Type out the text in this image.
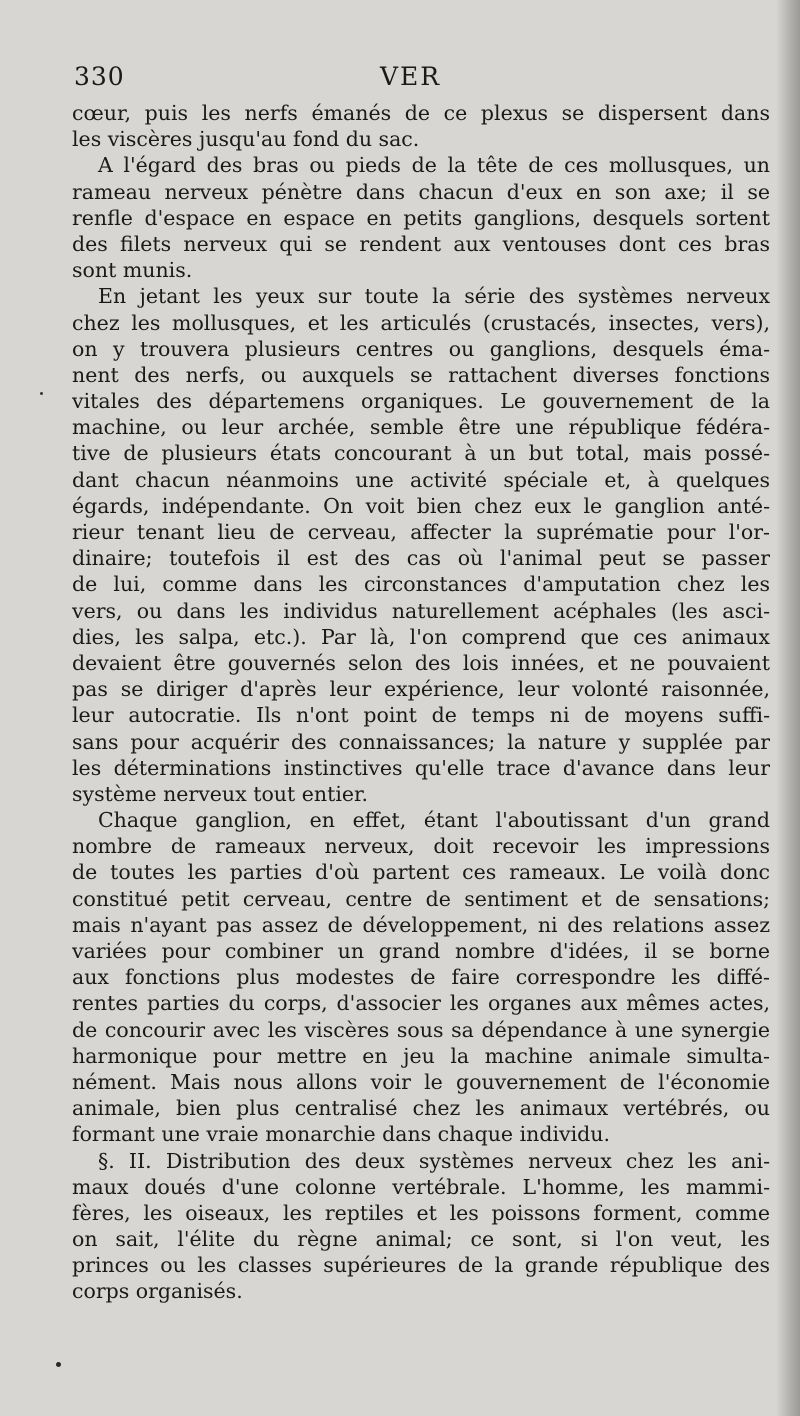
330	VER
cœur, puis les nerfs émanés de ce plexus se dispersent dans
les viscères jusqu'au fond du sac.
A l'égard des bras ou pieds de la tête de ces mollusques, un
rameau nerveux pénètre dans chacun d'eux en son axe; il se
renfle d'espace en espace en petits ganglions, desquels sortent
des filets nerveux qui se rendent aux ventouses dont ces bras
sont munis.
En jetant les yeux sur toute la série des systèmes nerveux
chez les mollusques, et les articulés (crustacés, insectes, vers),
on y trouvera plusieurs centres ou ganglions, desquels éma-
nent des nerfs, ou auxquels se rattachent diverses fonctions
vitales des départemens organiques. Le gouvernement de la
machine, ou leur archée, semble être une république fédéra-
tive de plusieurs états concourant à un but total, mais possé-
dant chacun néanmoins une activité spéciale et, à quelques
égards, indépendante. On voit bien chez eux le ganglion anté-
rieur tenant lieu de cerveau, affecter la suprématie pour l'or-
dinaire; toutefois il est des cas où l'animal peut se passer
de lui, comme dans les circonstances d'amputation chez les
vers, ou dans les individus naturellement acéphales (les asci-
dies, les salpa, etc.). Par là, l'on comprend que ces animaux
devaient être gouvernés selon des lois innées, et ne pouvaient
pas se diriger d'après leur expérience, leur volonté raisonnée,
leur autocratie. Ils n'ont point de temps ni de moyens suffi-
sans pour acquérir des connaissances; la nature y supplée par
les déterminations instinctives qu'elle trace d'avance dans leur
système nerveux tout entier.
Chaque ganglion, en effet, étant l'aboutissant d'un grand
nombre de rameaux nerveux, doit recevoir les impressions
de toutes les parties d'où partent ces rameaux. Le voilà donc
constitué petit cerveau, centre de sentiment et de sensations;
mais n'ayant pas assez de développement, ni des relations assez
variées pour combiner un grand nombre d'idées, il se borne
aux fonctions plus modestes de faire correspondre les diffé-
rentes parties du corps, d'associer les organes aux mêmes actes,
de concourir avec les viscères sous sa dépendance à une synergie
harmonique pour mettre en jeu la machine animale simulta-
nément. Mais nous allons voir le gouvernement de l'économie
animale, bien plus centralisé chez les animaux vertébrés, ou
formant une vraie monarchie dans chaque individu.
§. II. Distribution des deux systèmes nerveux chez les ani-
maux doués d'une colonne vertébrale. L'homme, les mammi-
fères, les oiseaux, les reptiles et les poissons forment, comme
on sait, l'élite du règne animal; ce sont, si l'on veut, les
princes ou les classes supérieures de la grande république des
corps organisés.
